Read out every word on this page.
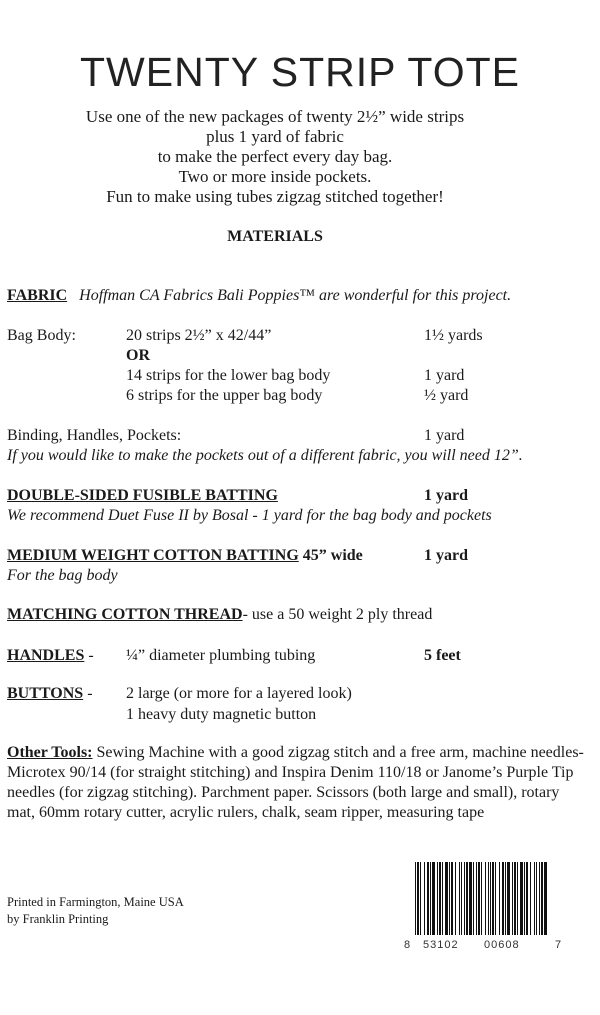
TWENTY STRIP TOTE
Use one of the new packages of twenty 2½” wide strips
plus 1 yard of fabric
to make the perfect every day bag.
Two or more inside pockets.
Fun to make using tubes zigzag stitched together!
MATERIALS
FABRIC Hoffman CA Fabrics Bali Poppies™ are wonderful for this project.
Bag Body:	20 strips 2½” x 42/44”	1½ yards
OR
14 strips for the lower bag body	1 yard
6 strips for the upper bag body	½ yard
Binding, Handles, Pockets:	1 yard
If you would like to make the pockets out of a different fabric, you will need 12”.
DOUBLE-SIDED FUSIBLE BATTING	1 yard
We recommend Duet Fuse II by Bosal - 1 yard for the bag body and pockets
MEDIUM WEIGHT COTTON BATTING 45” wide	1 yard
For the bag body
MATCHING COTTON THREAD- use a 50 weight 2 ply thread
HANDLES - ¼” diameter plumbing tubing	5 feet
BUTTONS - 2 large (or more for a layered look)
1 heavy duty magnetic button
Other Tools: Sewing Machine with a good zigzag stitch and a free arm, machine needles- Microtex 90/14 (for straight stitching) and Inspira Denim 110/18 or Janome’s Purple Tip needles (for zigzag stitching). Parchment paper. Scissors (both large and small), rotary mat, 60mm rotary cutter, acrylic rulers, chalk, seam ripper, measuring tape
Printed in Farmington, Maine USA
by Franklin Printing
8 53102 00608	7
